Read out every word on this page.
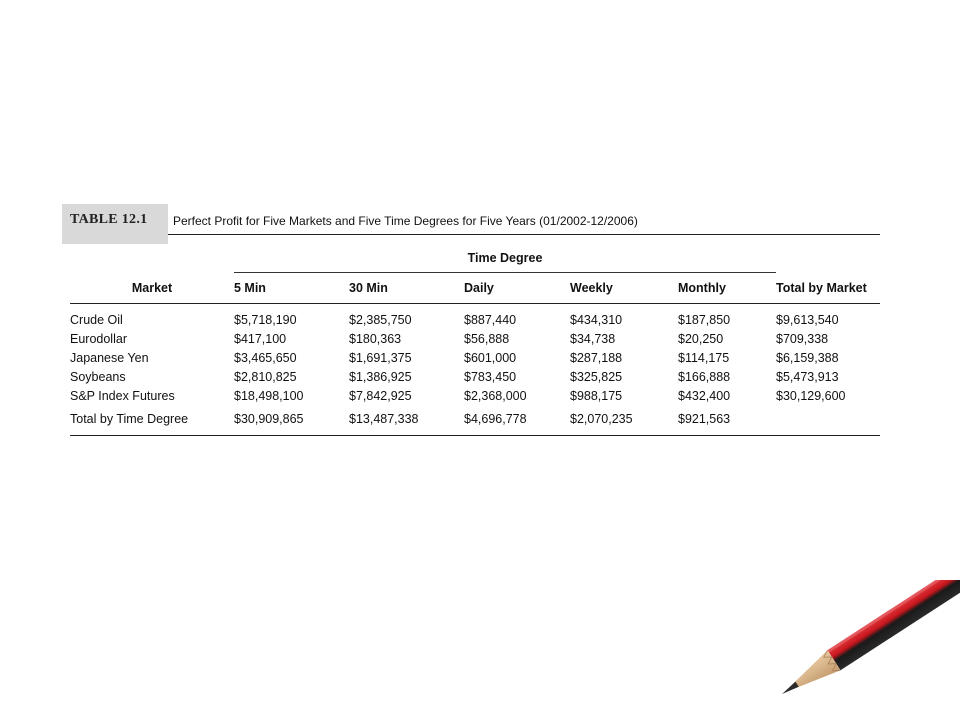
TABLE 12.1	Perfect Profit for Five Markets and Five Time Degrees for Five Years (01/2002-12/2006)
	Time Degree					
Market	5 Min	30 Min	Daily	Weekly	Monthly	Total by Market
Crude Oil	$5,718,190	$2,385,750	$887,440	$434,310	$187,850	$9,613,540
Eurodollar	$417,100	$180,363	$56,888	$34,738	$20,250	$709,338
Japanese Yen	$3,465,650	$1,691,375	$601,000	$287,188	$114,175	$6,159,388
Soybeans	$2,810,825	$1,386,925	$783,450	$325,825	$166,888	$5,473,913
S&P Index Futures	$18,498,100	$7,842,925	$2,368,000	$988,175	$432,400	$30,129,600
Total by Time Degree	$30,909,865	$13,487,338	$4,696,778	$2,070,235	$921,563	
